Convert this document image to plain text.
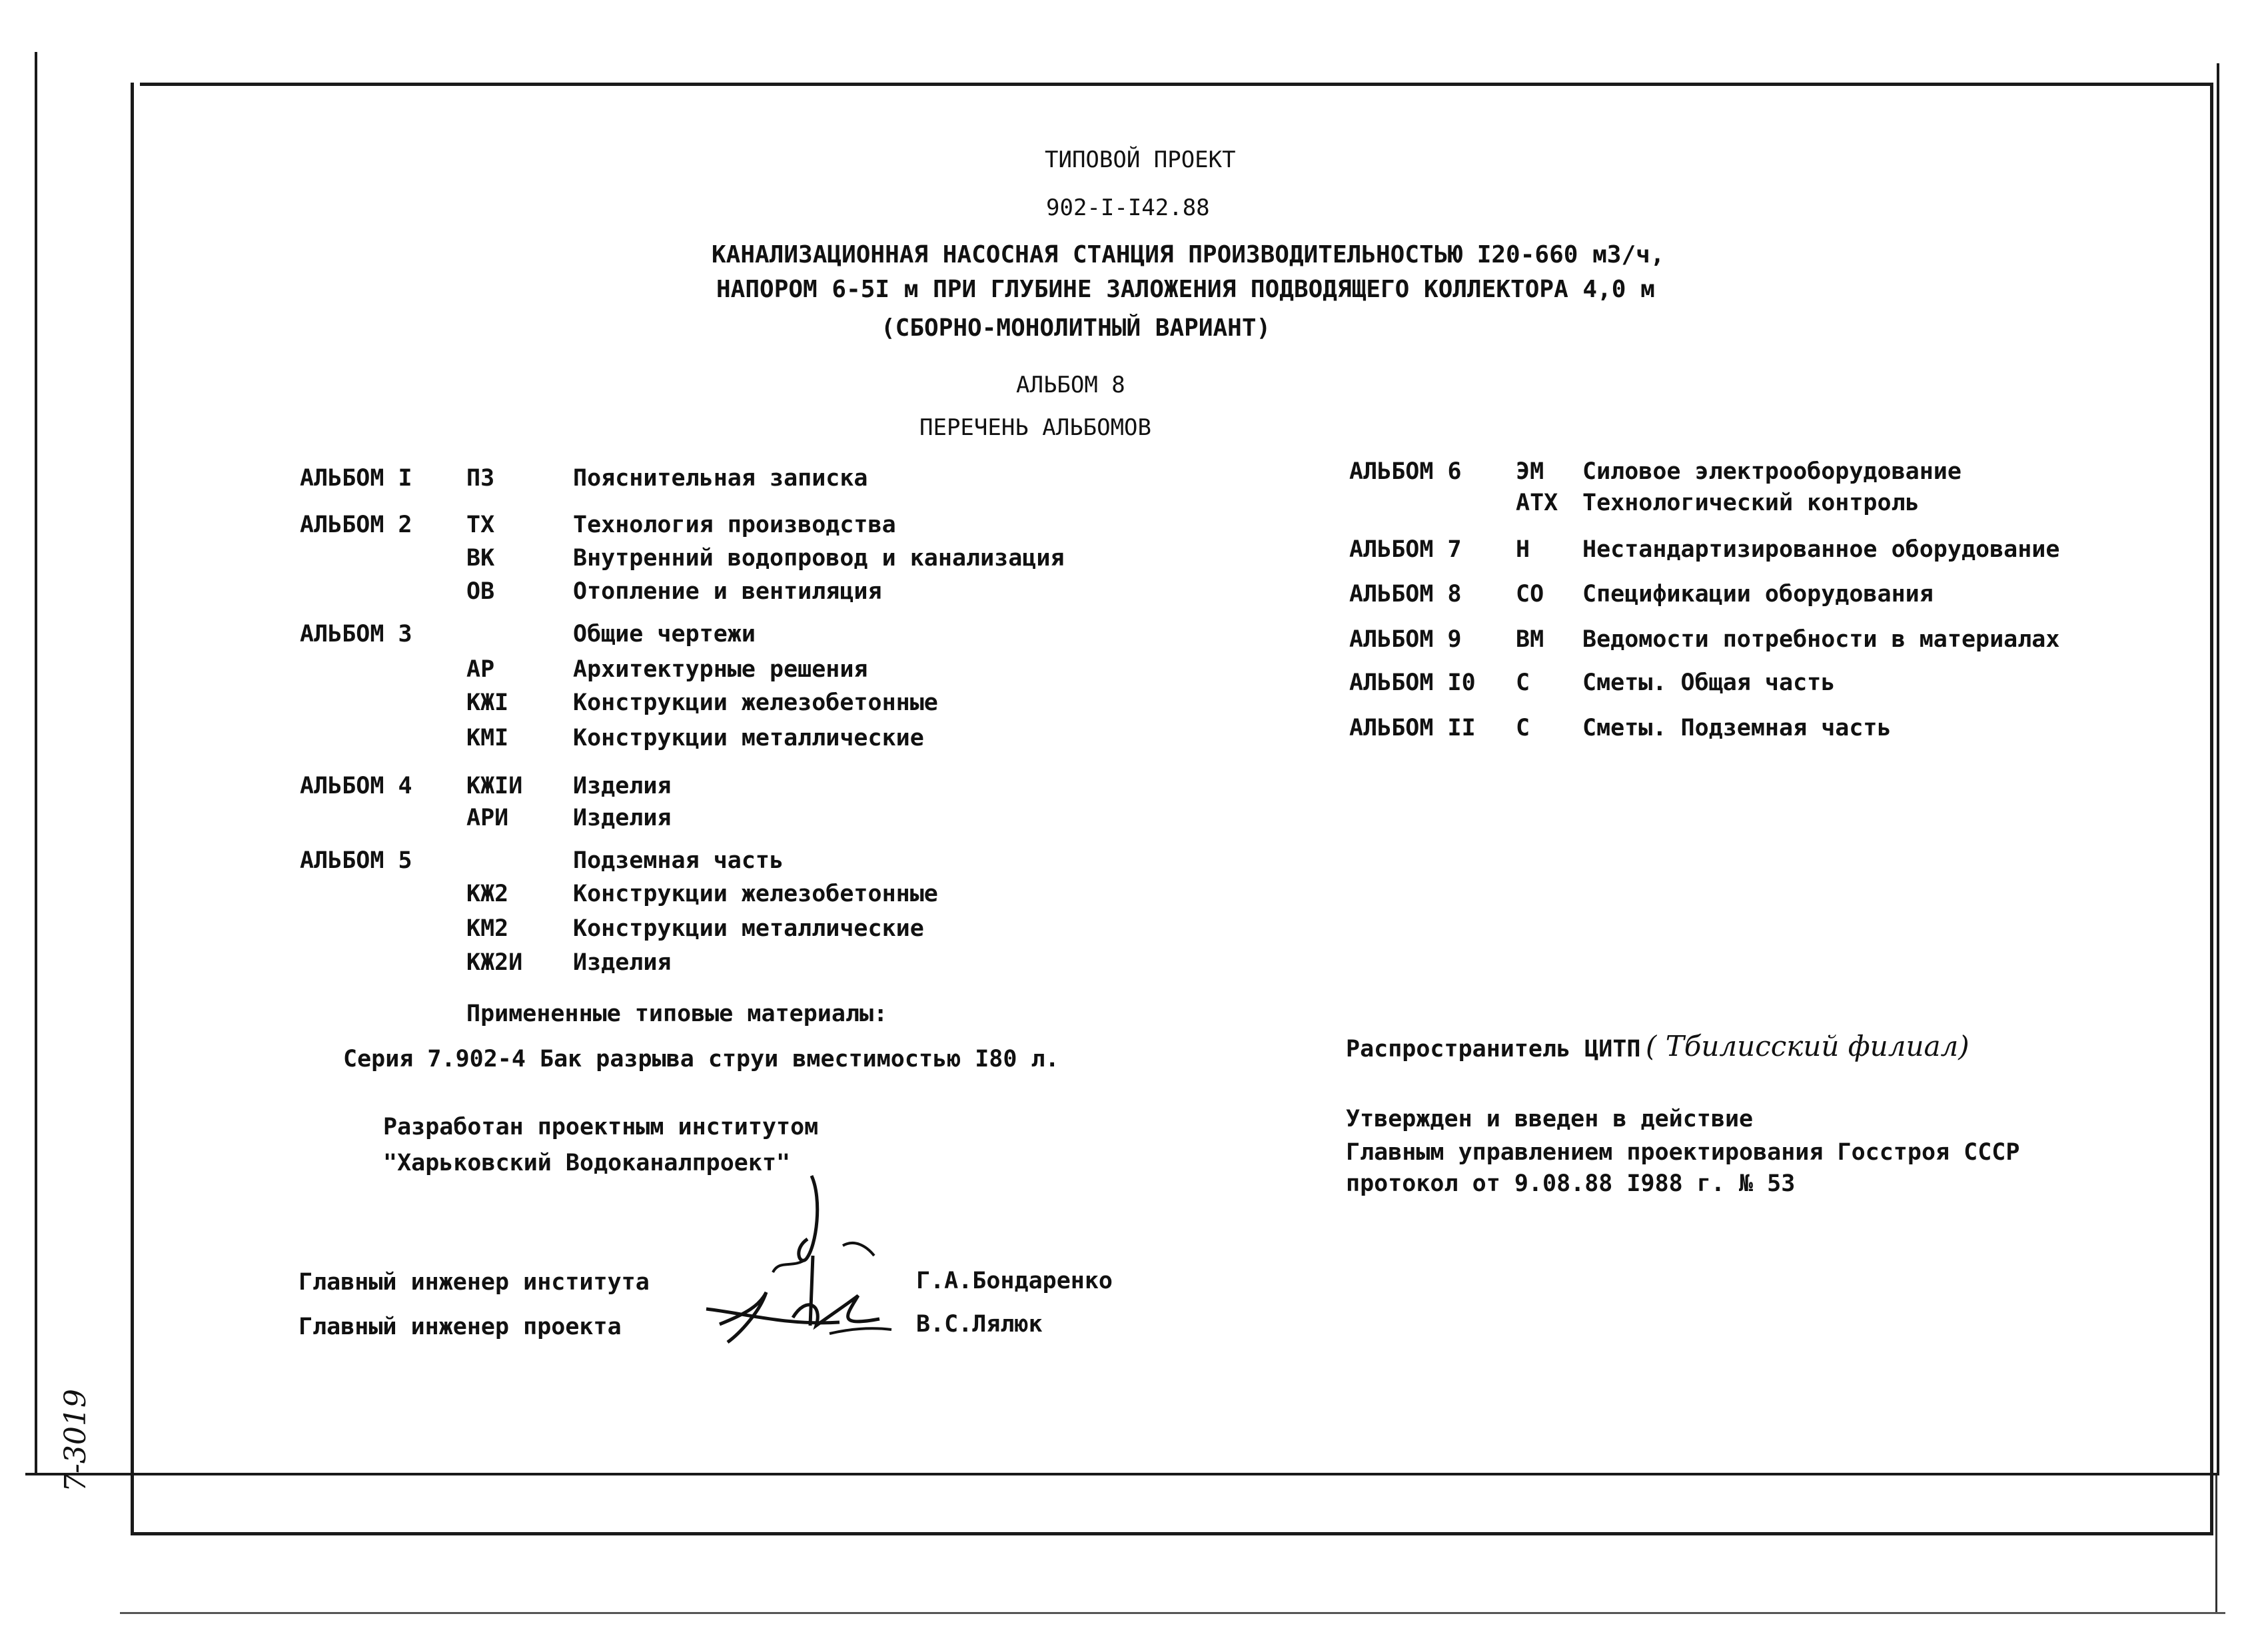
ТИПОВОЙ ПРОЕКТ
902-I-I42.88
КАНАЛИЗАЦИОННАЯ НАСОСНАЯ СТАНЦИЯ ПРОИЗВОДИТЕЛЬНОСТЬЮ I20-660 м3/ч,
НАПОРОМ 6-5I м ПРИ ГЛУБИНЕ ЗАЛОЖЕНИЯ ПОДВОДЯЩЕГО КОЛЛЕКТОРА 4,0 м
(СБОРНО-МОНОЛИТНЫЙ ВАРИАНТ)
АЛЬБОМ 8
ПЕРЕЧЕНЬ АЛЬБОМОВ
АЛЬБОМ I ПЗ	Пояснительная записка
АЛЬБОМ 2 ТХ	Технология производства
ВК	Внутренний водопровод и канализация
ОВ	Отопление и вентиляция
АЛЬБОМ 3	Общие чертежи
АР	Архитектурные решения
КЖI	Конструкции железобетонные
КМI	Конструкции металлические
АЛЬБОМ 4 КЖIИ Изделия
АРИ	Изделия
АЛЬБОМ 5	Подземная часть
КЖ2	Конструкции железобетонные
КМ2	Конструкции металлические
КЖ2И Изделия
АЛЬБОМ 6 ЭМ Силовое электрооборудование
АТХ Технологический контроль
АЛЬБОМ 7 Н Нестандартизированное оборудование
АЛЬБОМ 8 СО Спецификации оборудования
АЛЬБОМ 9 ВМ Ведомости потребности в материалах
АЛЬБОМ I0 С Сметы. Общая часть
АЛЬБОМ II С Сметы. Подземная часть
Примененные типовые материалы:
Серия 7.902-4 Бак разрыва струи вместимостью I80 л.
Разработан проектным институтом
"Харьковский Водоканалпроект"
Распространитель ЦИТП ( Тбилисский филиал)
Утвержден и введен в действие
Главным управлением проектирования Госстроя СССР
протокол от 9.08.88 I988 г. № 53
Главный инженер института	Г.А.Бондаренко
Главный инженер проекта	В.С.Лялюк
7-3019
